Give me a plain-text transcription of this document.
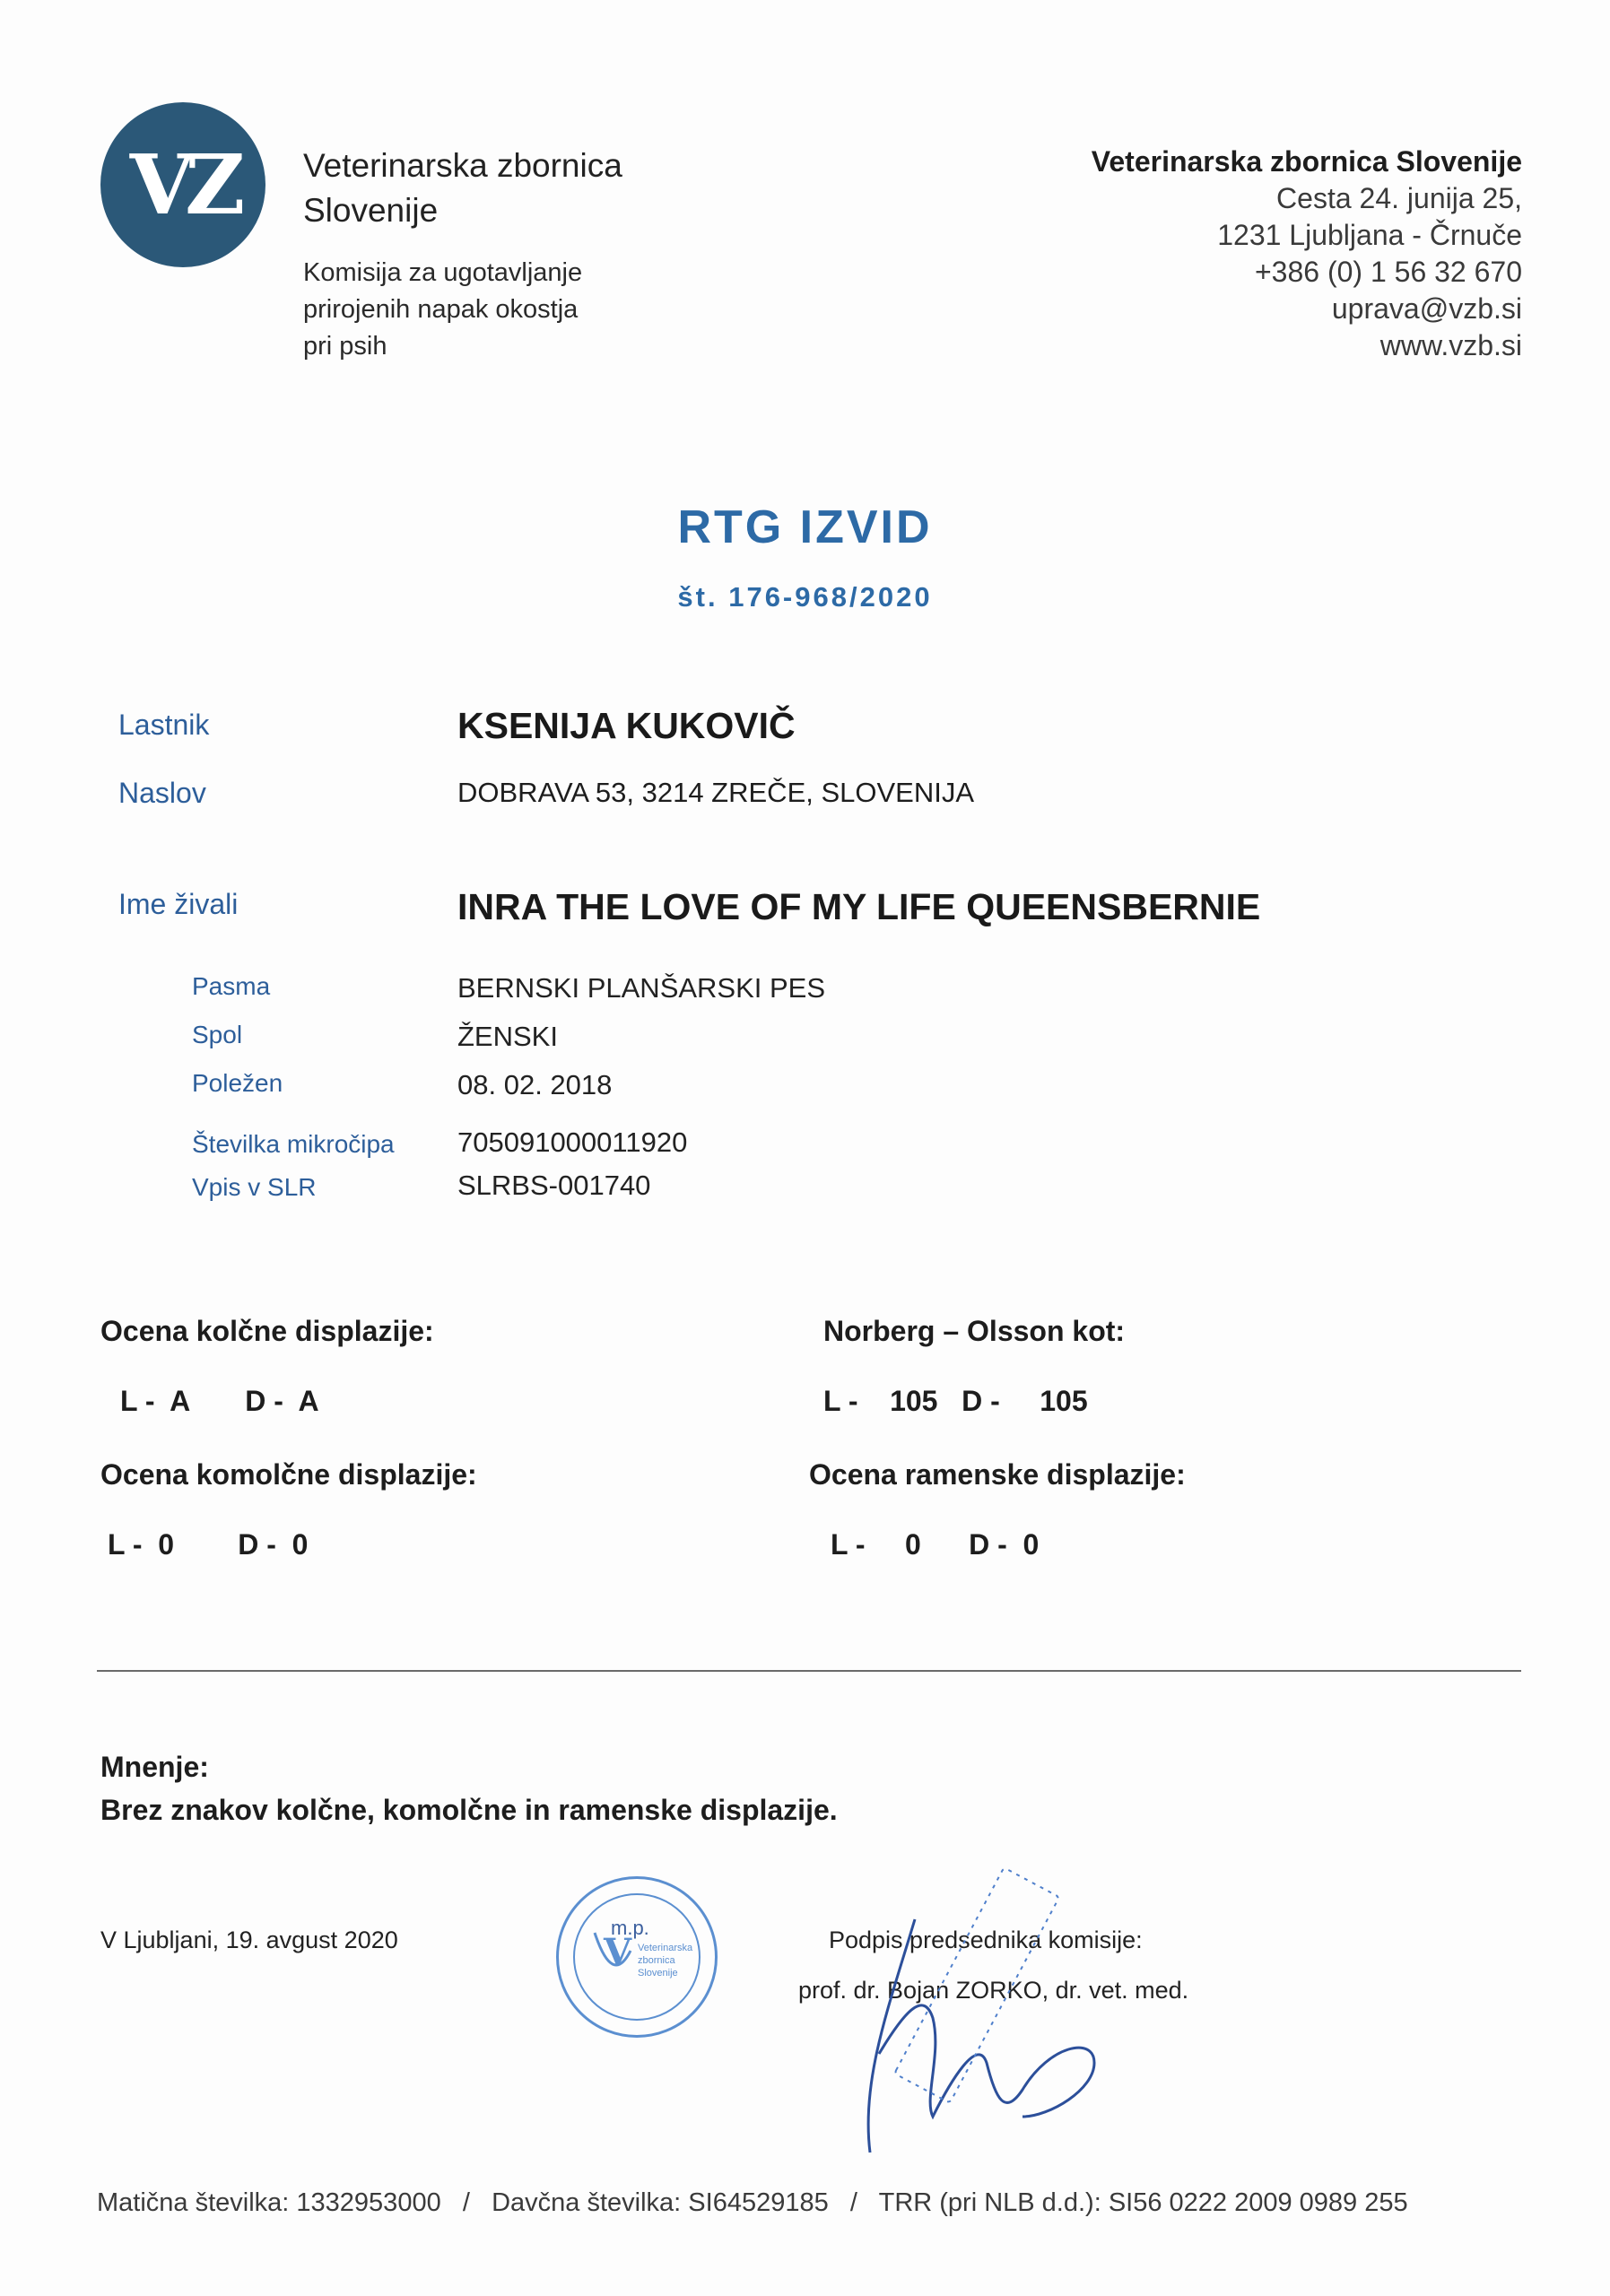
VZ Veterinarska zbornica
Slovenije
Komisija za ugotavljanje
prirojenih napak okostja
pri psih
Veterinarska zbornica Slovenije
Cesta 24. junija 25,
1231 Ljubljana - Črnuče
+386 (0) 1 56 32 670
uprava@vzb.si
www.vzb.si
RTG IZVID
št. 176-968/2020
Lastnik	KSENIJA KUKOVIČ
Naslov	DOBRAVA 53, 3214 ZREČE, SLOVENIJA
Ime živali	INRA THE LOVE OF MY LIFE QUEENSBERNIE
Pasma	BERNSKI PLANŠARSKI PES
Spol	ŽENSKI
Poležen	08. 02. 2018
Številka mikročipa 705091000011920
Vpis v SLR	SLRBS-001740
Ocena kolčne displazije:
L -  A       D -  A
Norberg – Olsson kot:
L -    105   D -     105
Ocena komolčne displazije:
L -  0        D -  0
Ocena ramenske displazije:
L -     0      D -  0
Mnenje:
Brez znakov kolčne, komolčne in ramenske displazije.
V Ljubljani, 19. avgust 2020	V
m.p.
Veterinarska zbornica Slovenije
Podpis predsednika komisije:
prof. dr. Bojan ZORKO, dr. vet. med.
Matična številka: 1332953000   /   Davčna številka: SI64529185   /   TRR (pri NLB d.d.): SI56 0222 2009 0989 255
